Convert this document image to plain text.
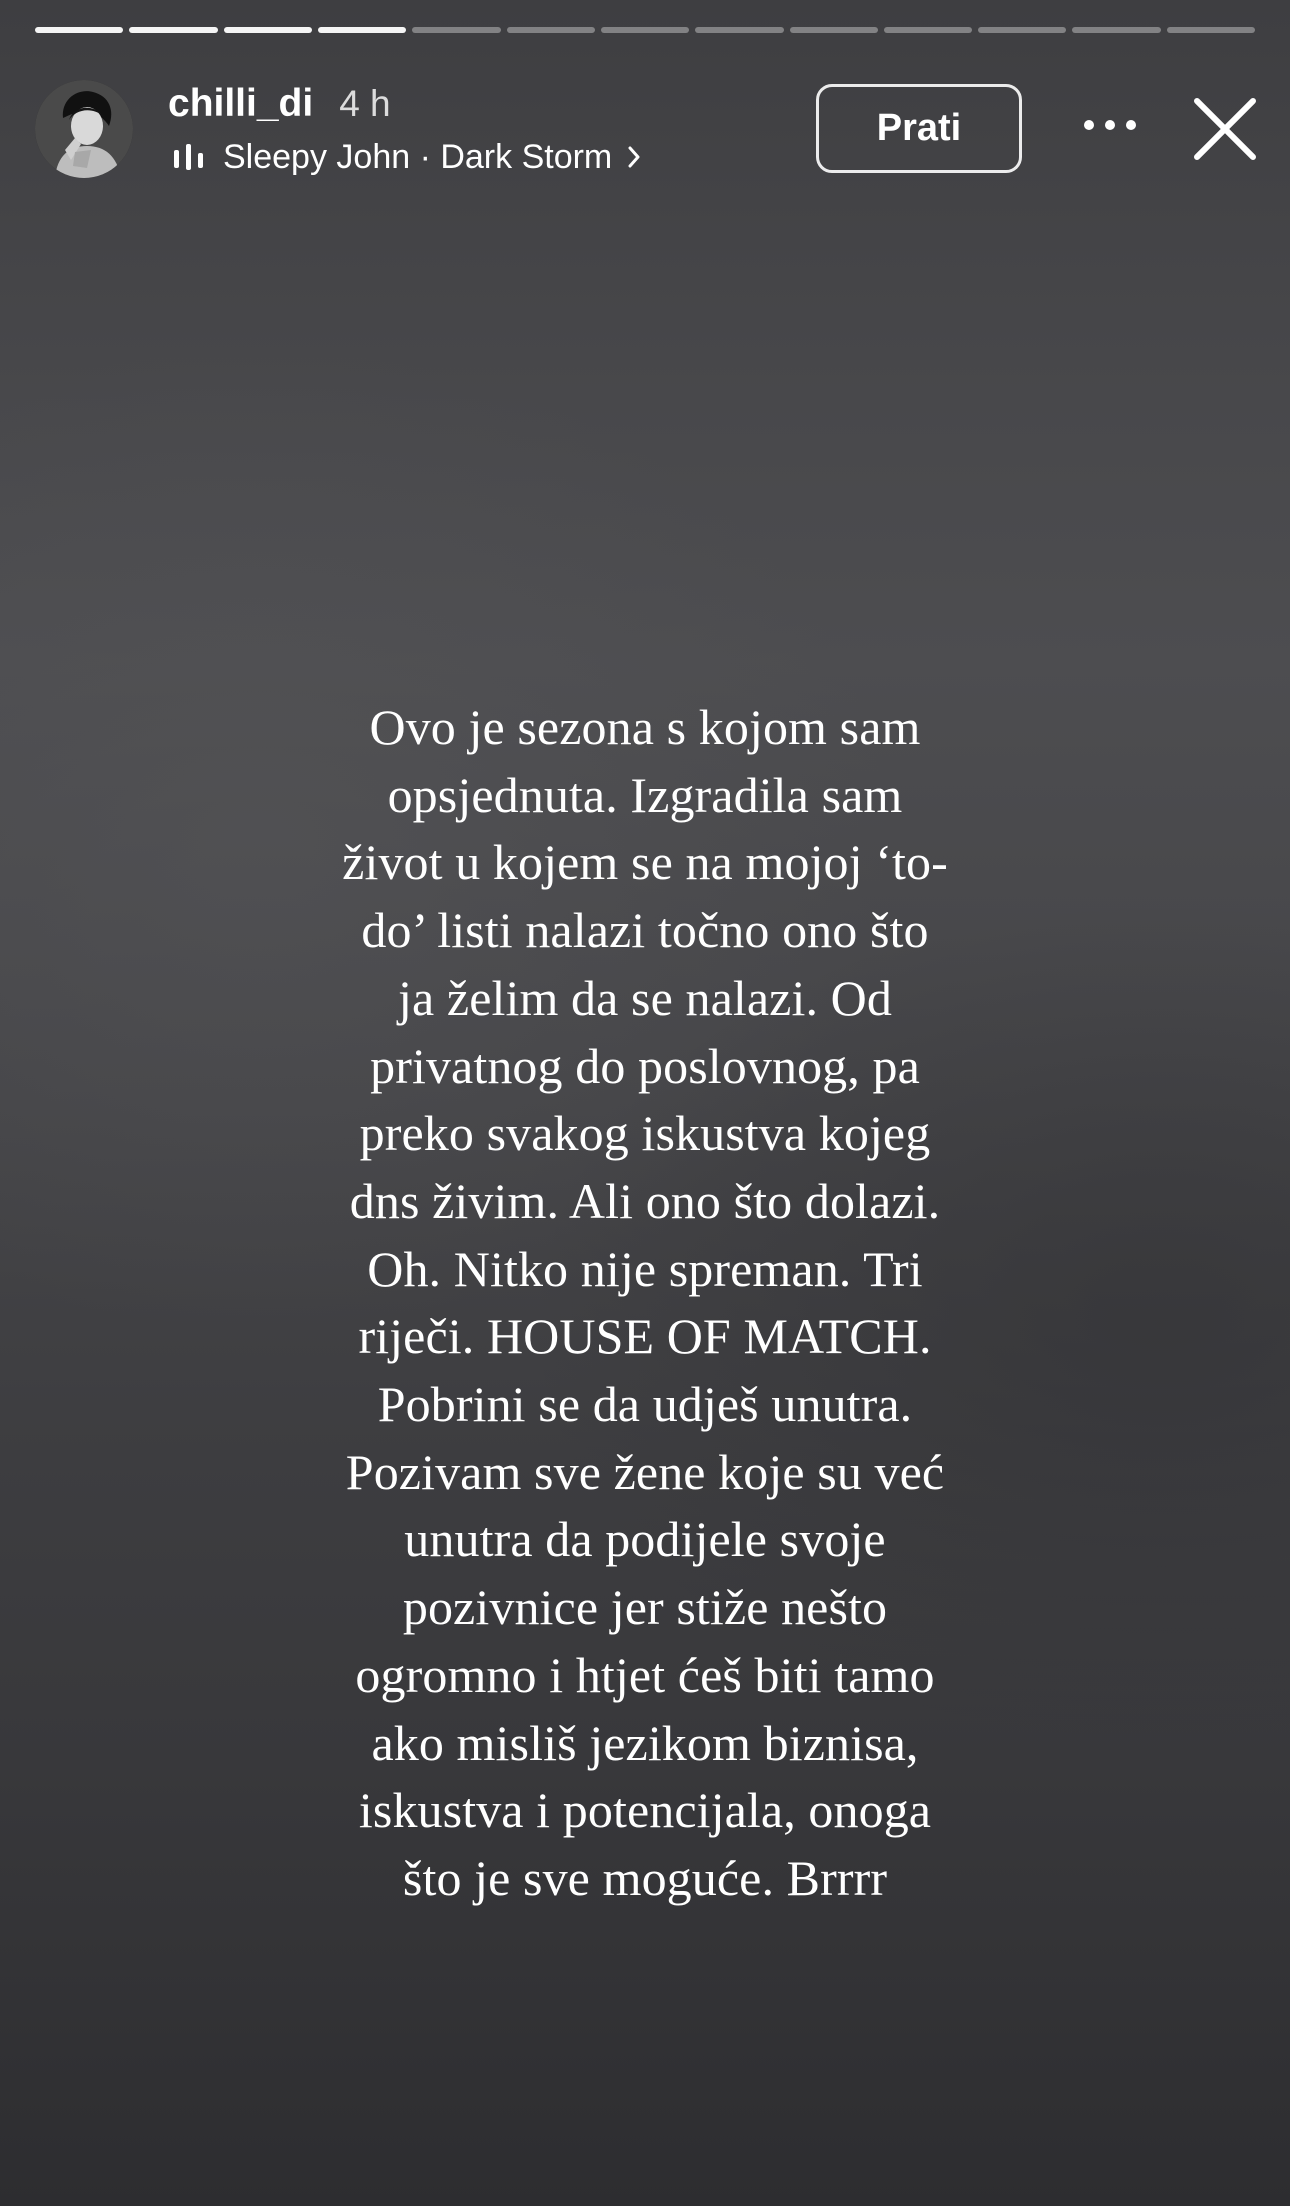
chilli_di 4 h
Sleepy John · Dark Storm
Prati

Ovo je sezona s kojom sam
opsjednuta. Izgradila sam
život u kojem se na mojoj ‘to-
do’ listi nalazi točno ono što
ja želim da se nalazi. Od
privatnog do poslovnog, pa
preko svakog iskustva kojeg
dns živim. Ali ono što dolazi.
Oh. Nitko nije spreman. Tri
riječi. HOUSE OF MATCH.
Pobrini se da udješ unutra.
Pozivam sve žene koje su već
unutra da podijele svoje
pozivnice jer stiže nešto
ogromno i htjet ćeš biti tamo
ako misliš jezikom biznisa,
iskustva i potencijala, onoga
što je sve moguće. Brrrr
